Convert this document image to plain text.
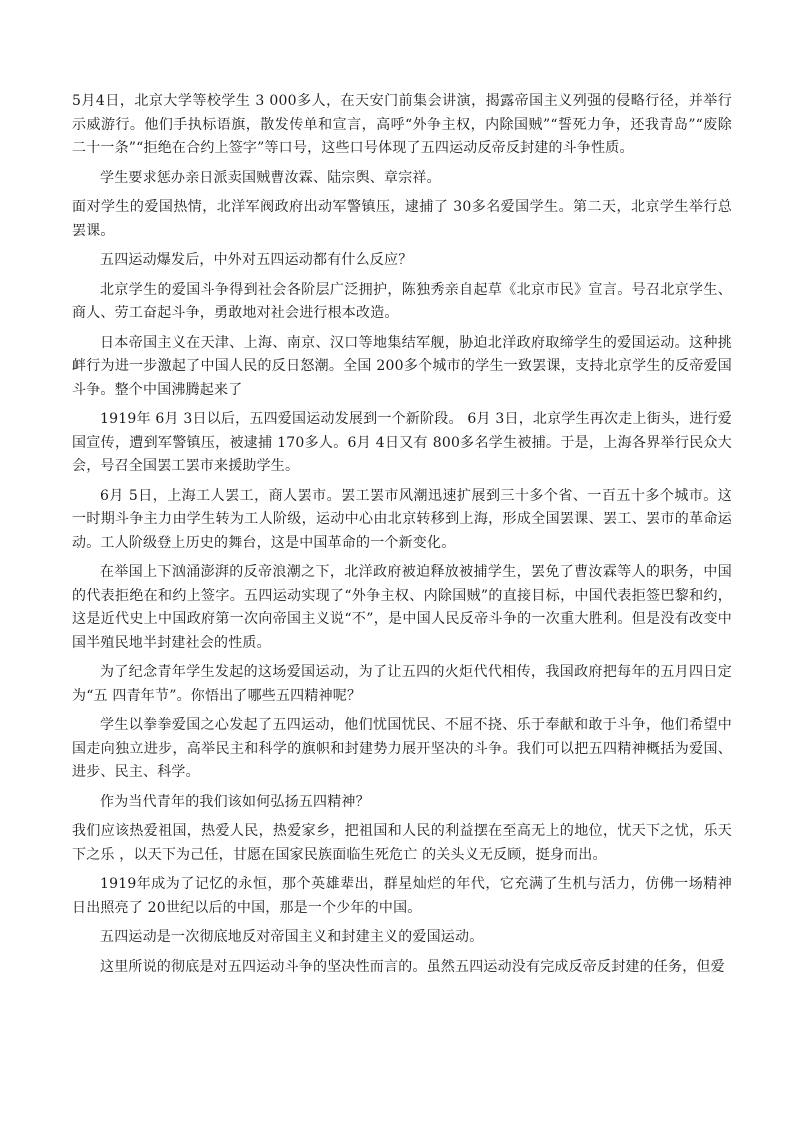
5月4日，北京大学等校学生 3 000多人，在天安门前集会讲演，揭露帝国主义列强的侵略行径，并举行示威游行。他们手执标语旗，散发传单和宣言，高呼“外争主权，内除国贼”“誓死力争，还我青岛”“废除二十一条”“拒绝在合约上签字”等口号，这些口号体现了五四运动反帝反封建的斗争性质。

学生要求惩办亲日派卖国贼曹汝霖、陆宗舆、章宗祥。

面对学生的爱国热情，北洋军阀政府出动军警镇压，逮捕了 30多名爱国学生。第二天，北京学生举行总罢课。

五四运动爆发后，中外对五四运动都有什么反应？

北京学生的爱国斗争得到社会各阶层广泛拥护，陈独秀亲自起草《北京市民》宣言。号召北京学生、商人、劳工奋起斗争，勇敢地对社会进行根本改造。

日本帝国主义在天津、上海、南京、汉口等地集结军舰，胁迫北洋政府取缔学生的爱国运动。这种挑衅行为进一步激起了中国人民的反日怒潮。全国 200多个城市的学生一致罢课，支持北京学生的反帝爱国斗争。整个中国沸腾起来了

1919年 6月 3日以后，五四爱国运动发展到一个新阶段。 6月 3日，北京学生再次走上街头，进行爱国宣传，遭到军警镇压，被逮捕 170多人。6月 4日又有 800多名学生被捕。于是，上海各界举行民众大会，号召全国罢工罢市来援助学生。

6月 5日，上海工人罢工，商人罢市。罢工罢市风潮迅速扩展到三十多个省、一百五十多个城市。这一时期斗争主力由学生转为工人阶级，运动中心由北京转移到上海，形成全国罢课、罢工、罢市的革命运动。工人阶级登上历史的舞台，这是中国革命的一个新变化。

在举国上下汹涌澎湃的反帝浪潮之下，北洋政府被迫释放被捕学生，罢免了曹汝霖等人的职务，中国的代表拒绝在和约上签字。五四运动实现了“外争主权、内除国贼”的直接目标，中国代表拒签巴黎和约，这是近代史上中国政府第一次向帝国主义说“不”，是中国人民反帝斗争的一次重大胜利。但是没有改变中国半殖民地半封建社会的性质。

为了纪念青年学生发起的这场爱国运动，为了让五四的火炬代代相传，我国政府把每年的五月四日定为“五 四青年节”。你悟出了哪些五四精神呢？

学生以拳拳爱国之心发起了五四运动，他们忧国忧民、不屈不挠、乐于奉献和敢于斗争，他们希望中国走向独立进步，高举民主和科学的旗帜和封建势力展开坚决的斗争。我们可以把五四精神概括为爱国、进步、民主、科学。

作为当代青年的我们该如何弘扬五四精神？

我们应该热爱祖国，热爱人民，热爱家乡，把祖国和人民的利益摆在至高无上的地位，忧天下之忧，乐天下之乐 ，以天下为己任，甘愿在国家民族面临生死危亡 的关头义无反顾，挺身而出。

1919年成为了记忆的永恒，那个英雄辈出，群星灿烂的年代，它充满了生机与活力，仿佛一场精神日出照亮了 20世纪以后的中国，那是一个少年的中国。

五四运动是一次彻底地反对帝国主义和封建主义的爱国运动。

这里所说的彻底是对五四运动斗争的坚决性而言的。虽然五四运动没有完成反帝反封建的任务，但爱
